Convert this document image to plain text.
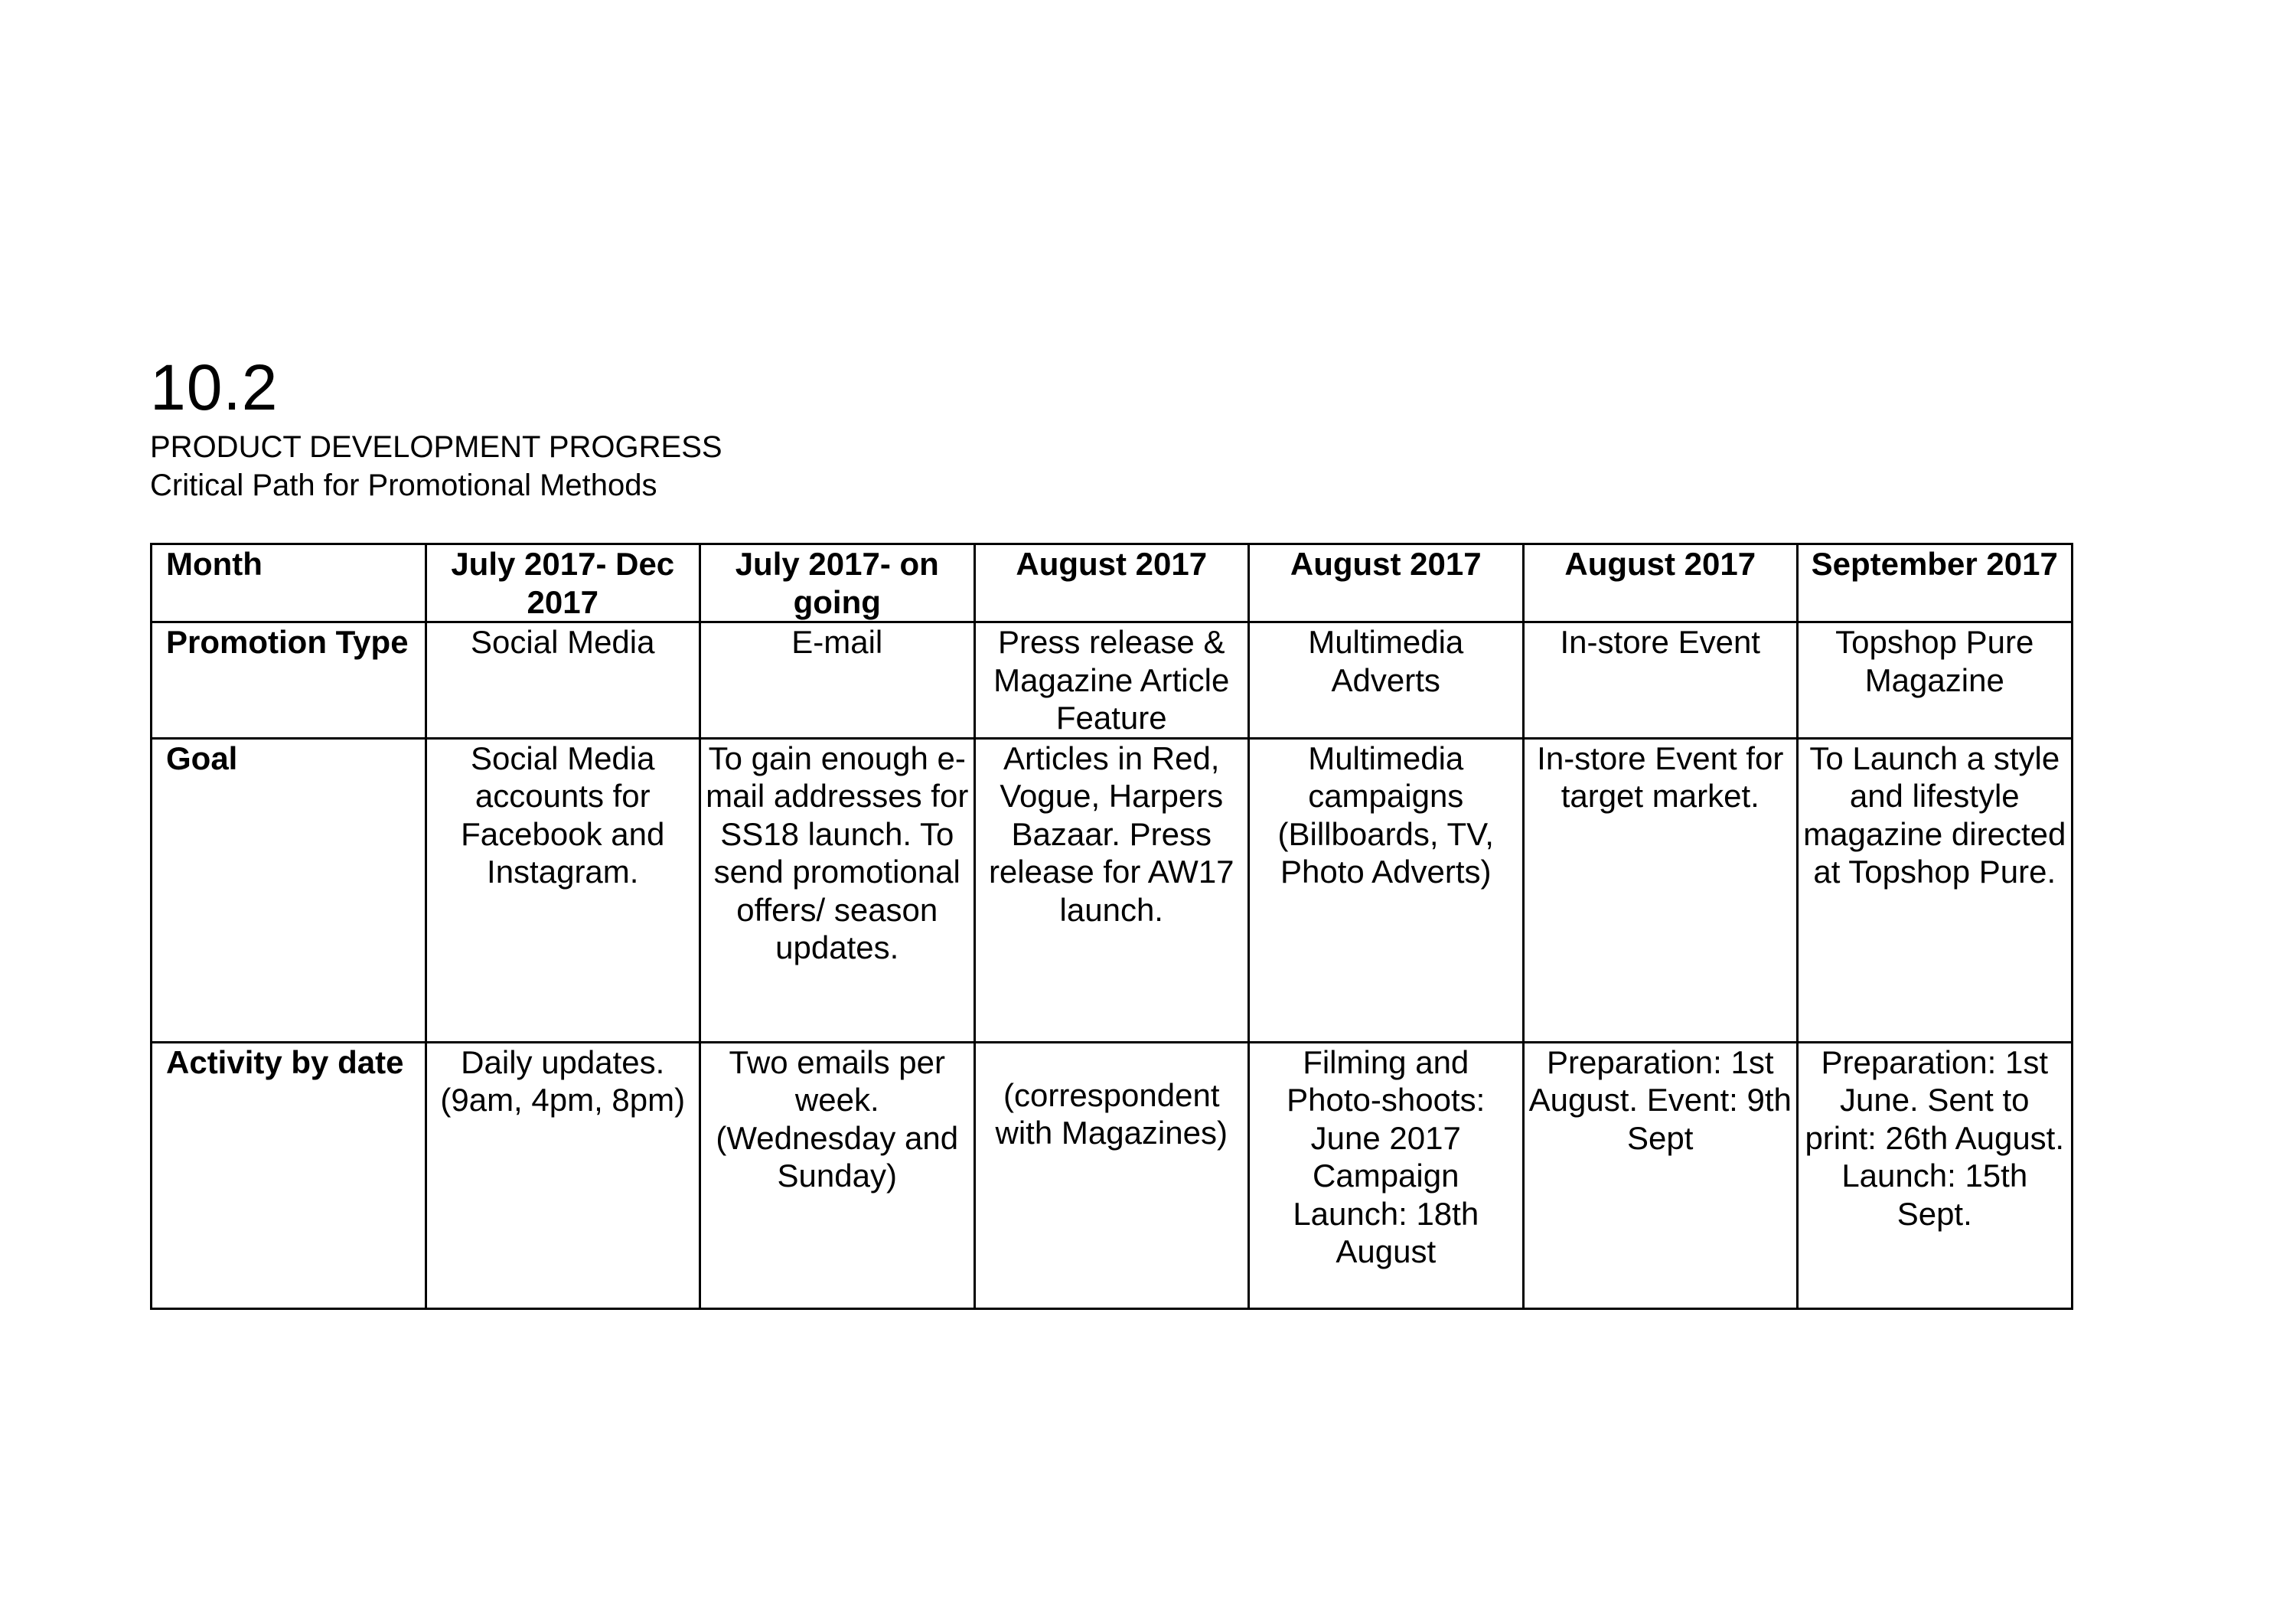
10.2
PRODUCT DEVELOPMENT PROGRESS
Critical Path for Promotional Methods
Month	July 2017- Dec 2017	July 2017- on going	August 2017	August 2017	August 2017	September 2017
Promotion Type	Social Media	E-mail	Press release & Magazine Article Feature	Multimedia Adverts	In-store Event	Topshop Pure Magazine
Goal	Social Media accounts for Facebook and Instagram.	To gain enough e-mail addresses for SS18 launch. To send promotional offers/ season updates.	Articles in Red, Vogue, Harpers Bazaar. Press release for AW17 launch.	Multimedia campaigns (Billboards, TV, Photo Adverts)	In-store Event for target market.	To Launch a style and lifestyle magazine directed at Topshop Pure.
Activity by date	Daily updates. (9am, 4pm, 8pm)	Two emails per week. (Wednesday and Sunday)	(correspondent with Magazines)	Filming and Photo-shoots: June 2017 Campaign Launch: 18th August	Preparation: 1st August. Event: 9th Sept	Preparation: 1st June. Sent to print: 26th August. Launch: 15th Sept.
